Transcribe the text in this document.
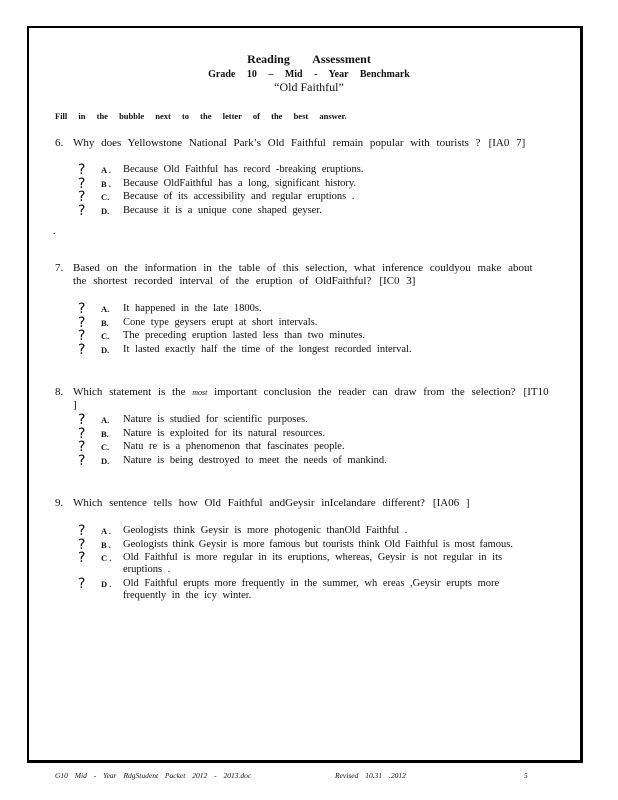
Reading Assessment
Grade 10 – Mid - Year Benchmark
“Old Faithful”
Fill in the bubble next to the letter of the best answer.
6. Why does Yellowstone National Park’s Old Faithful remain popular with tourists ? [IA0 7]
? A . Because Old Faithful has record -breaking eruptions.
? B . Because OldFaithful has a long, significant history.
? C. Because of its accessibility and regular eruptions .
? D. Because it is a unique cone shaped geyser.
.
7. Based on the information in the table of this selection, what inference couldyou make about the shortest recorded interval of the eruption of OldFaithful? [IC0 3]
? A. It happened in the late 1800s.
? B. Cone type geysers erupt at short intervals.
? C. The preceding eruption lasted less than two minutes.
? D. It lasted exactly half the time of the longest recorded interval.
8. Which statement is the most important conclusion the reader can draw from the selection? [IT10 ]
? A. Nature is studied for scientific purposes.
? B. Nature is exploited for its natural resources.
? C. Natu re is a phenomenon that fascinates people.
? D. Nature is being destroyed to meet the needs of mankind.
9. Which sentence tells how Old Faithful andGeysir inIcelandare different? [IA06 ]
? A . Geologists think Geysir is more photogenic thanOld Faithful .
? B . Geologists think Geysir is more famous but tourists think Old Faithful is most famous.
? C . Old Faithful is more regular in its eruptions, whereas, Geysir is not regular in its eruptions .
? D . Old Faithful erupts more frequently in the summer, wh ereas ,Geysir erupts more frequently in the icy winter.
G10 Mid - Year RdgStudent Packet 2012 - 2013.doc	Revised 10.31 .2012	5
